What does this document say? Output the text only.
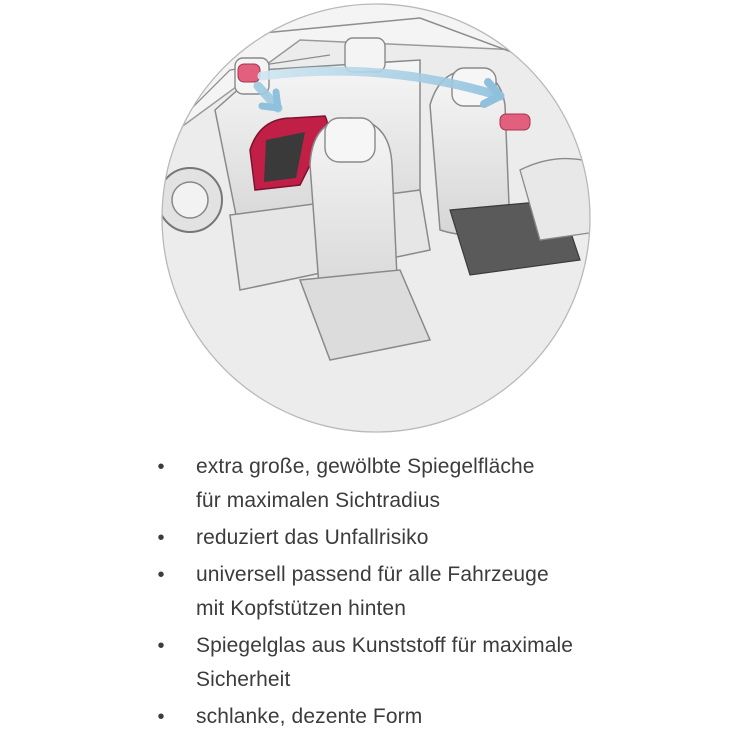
• extra große, gewölbte Spiegelfläche
für maximalen Sichtradius
• reduziert das Unfallrisiko
• universell passend für alle Fahrzeuge
mit Kopfstützen hinten
• Spiegelglas aus Kunststoff für maximale
Sicherheit
• schlanke, dezente Form
